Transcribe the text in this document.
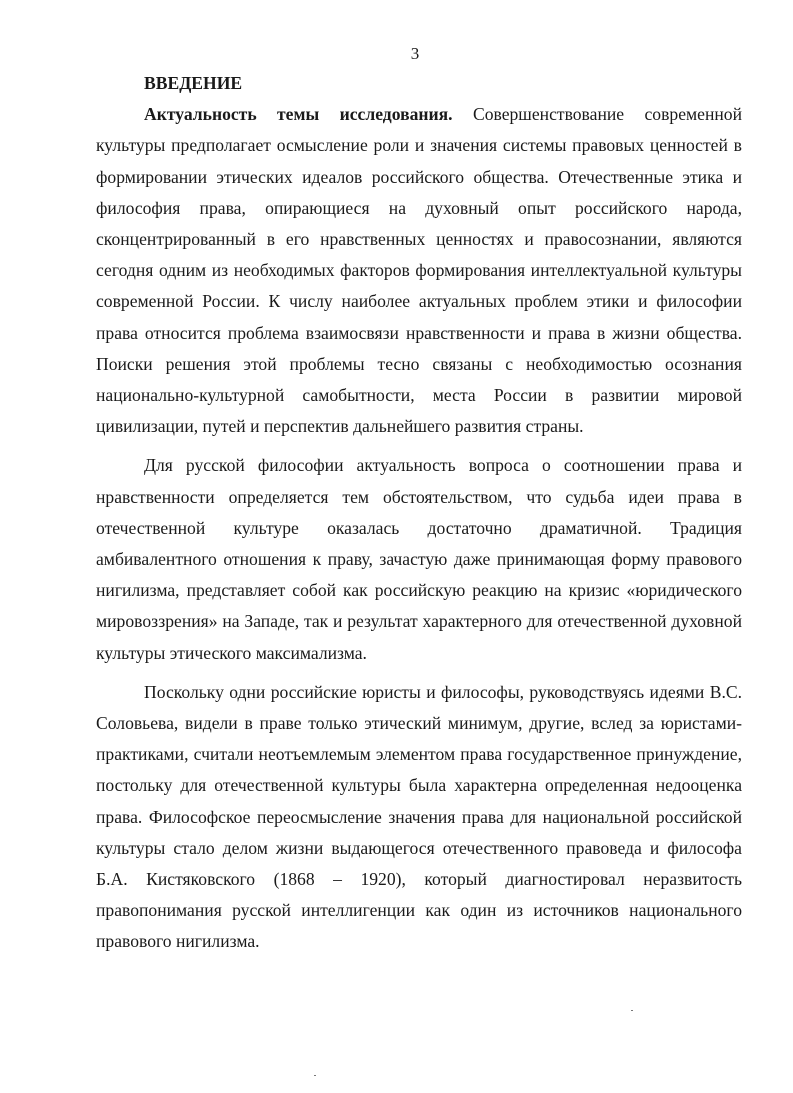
3

ВВЕДЕНИЕ

Актуальность темы исследования. Совершенствование современной культуры предполагает осмысление роли и значения системы правовых ценностей в формировании этических идеалов российского общества. Отечественные этика и философия права, опирающиеся на духовный опыт российского народа, сконцентрированный в его нравственных ценностях и правосознании, являются сегодня одним из необходимых факторов формирования интеллектуальной культуры современной России. К числу наиболее актуальных проблем этики и философии права относится проблема взаимосвязи нравственности и права в жизни общества. Поиски решения этой проблемы тесно связаны с необходимостью осознания национально-культурной самобытности, места России в развитии мировой цивилизации, путей и перспектив дальнейшего развития страны.

Для русской философии актуальность вопроса о соотношении права и нравственности определяется тем обстоятельством, что судьба идеи права в отечественной культуре оказалась достаточно драматичной. Традиция амбивалентного отношения к праву, зачастую даже принимающая форму правового нигилизма, представляет собой как российскую реакцию на кризис «юридического мировоззрения» на Западе, так и результат характерного для отечественной духовной культуры этического максимализма.

Поскольку одни российские юристы и философы, руководствуясь идеями В.С. Соловьева, видели в праве только этический минимум, другие, вслед за юристами-практиками, считали неотъемлемым элементом права государственное принуждение, постольку для отечественной культуры была характерна определенная недооценка права. Философское переосмысление значения права для национальной российской культуры стало делом жизни выдающегося отечественного правоведа и философа Б.А. Кистяковского (1868 – 1920), который диагностировал неразвитость правопонимания русской интеллигенции как один из источников национального правового нигилизма.
